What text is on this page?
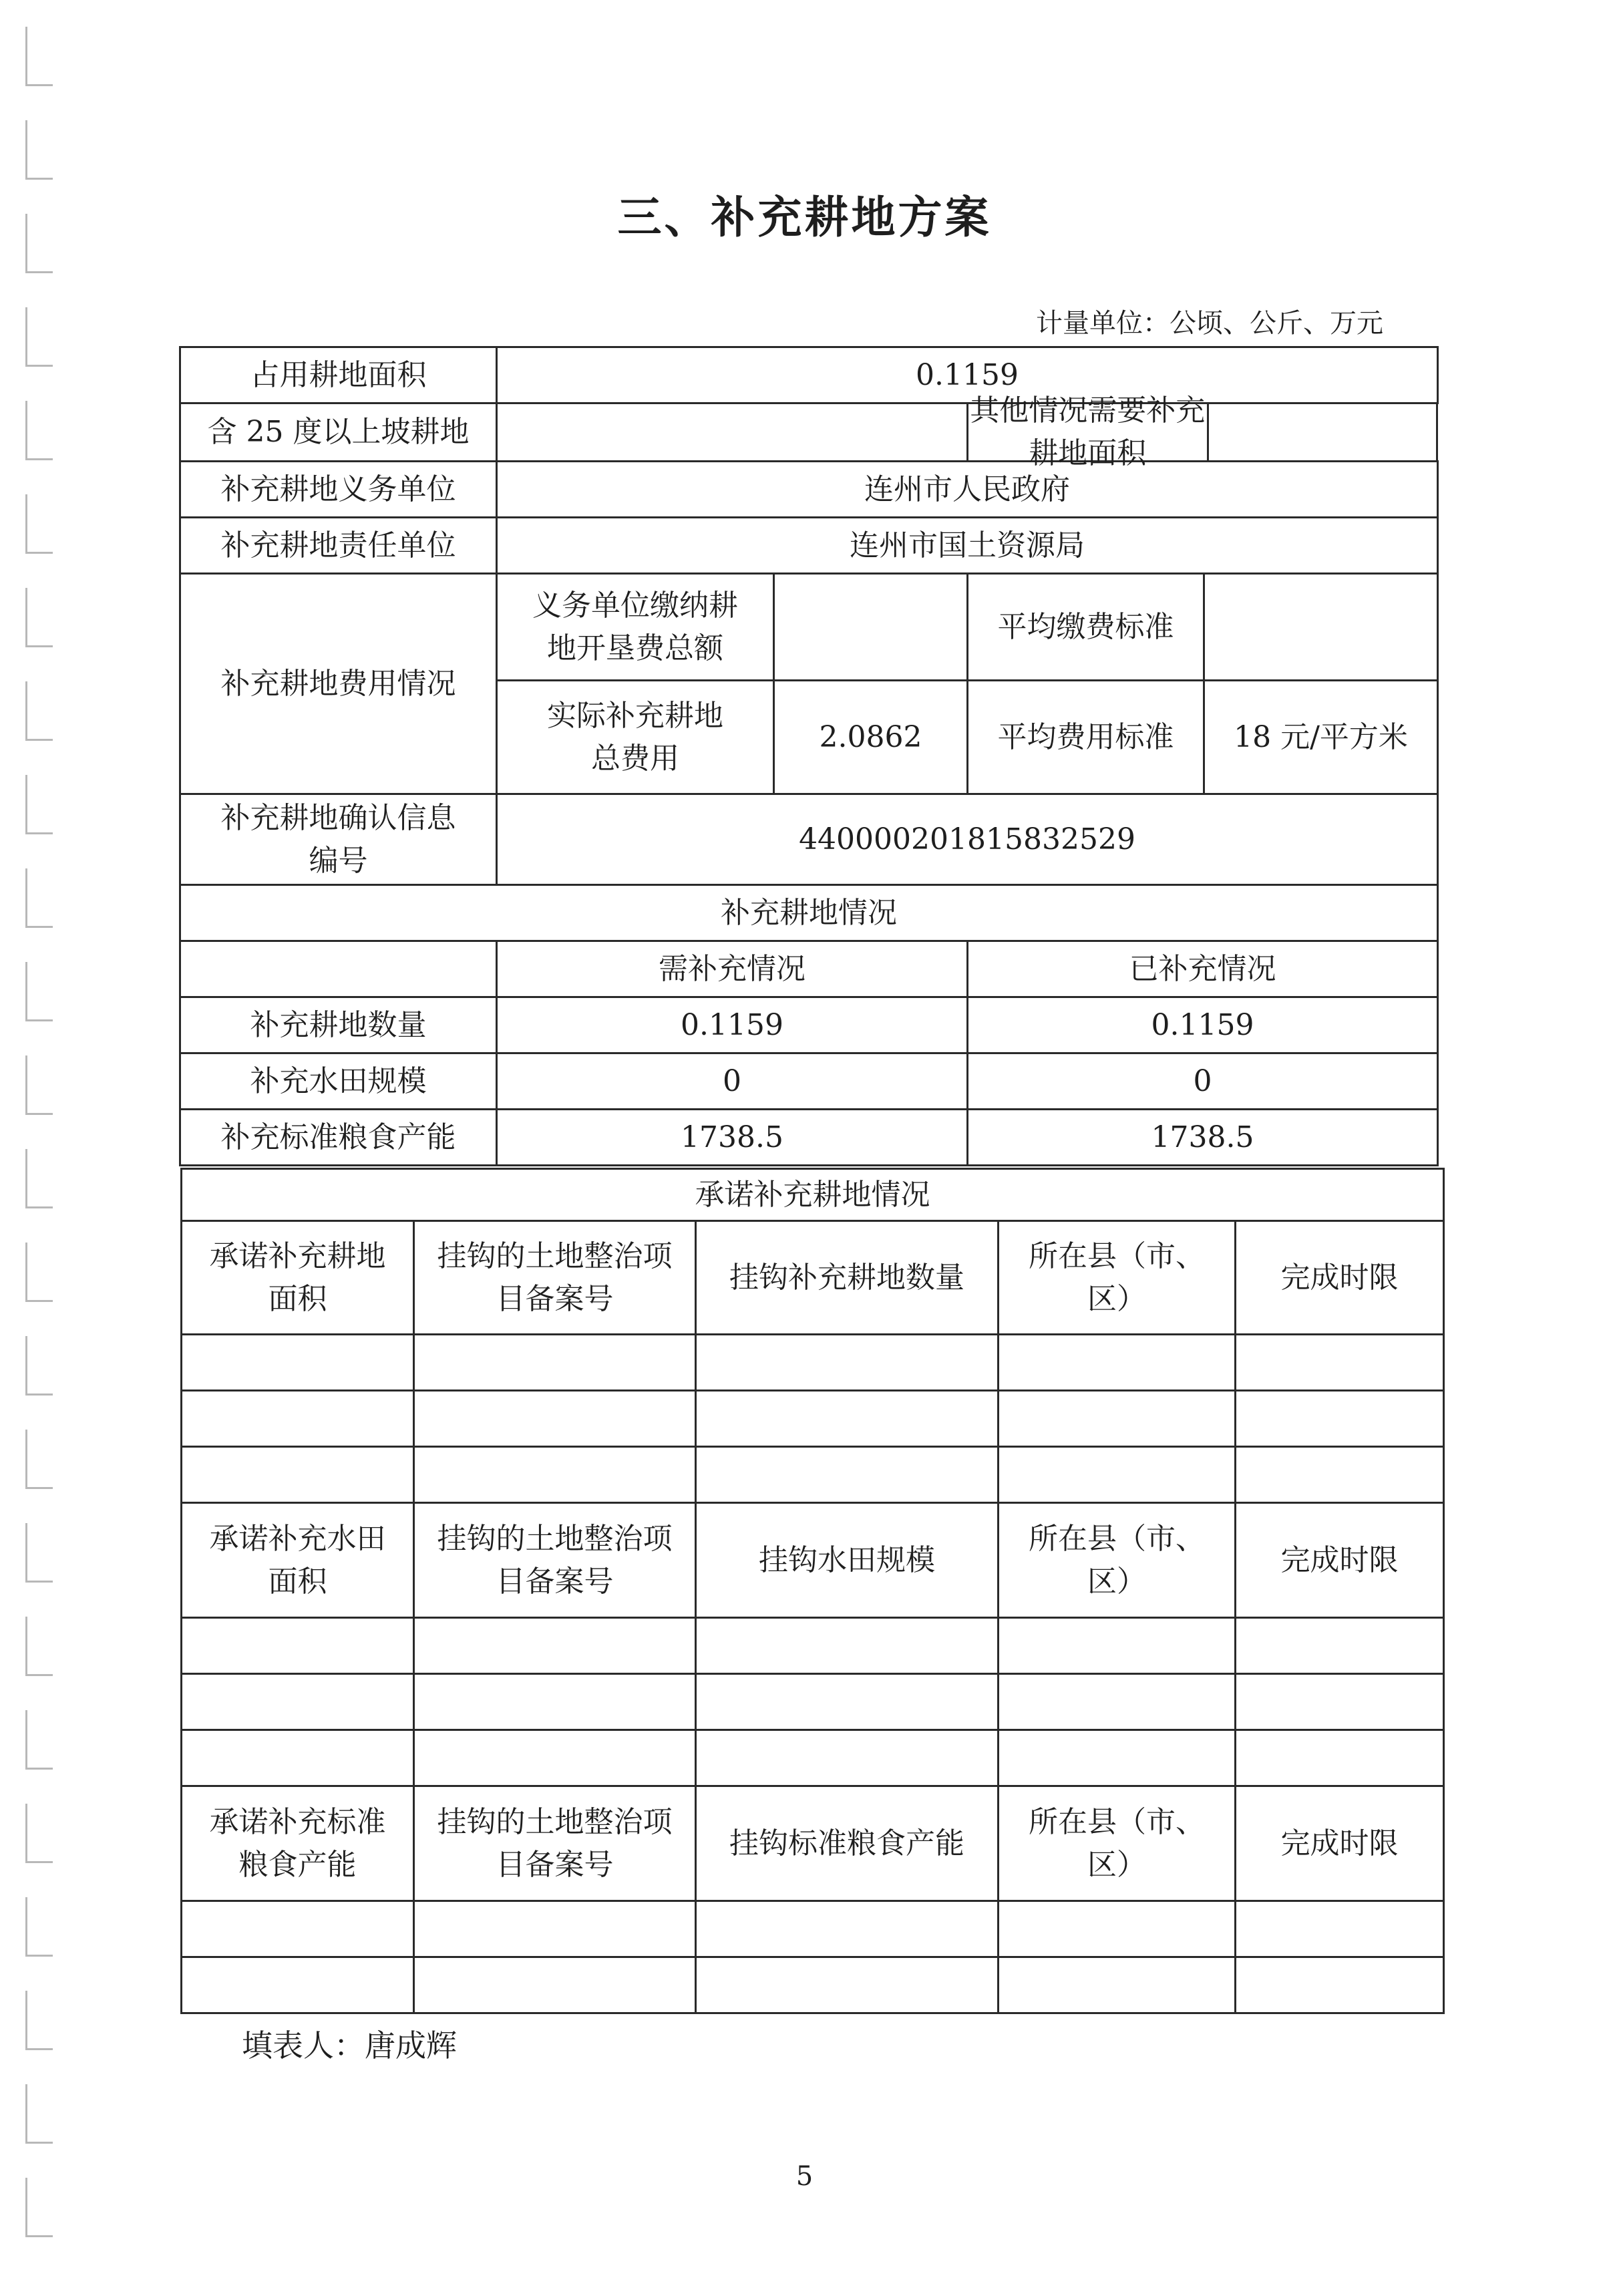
三、补充耕地方案
计量单位：公顷、公斤、万元
占用耕地面积	0.1159			
含 25 度以上坡耕地			其他情况需要补充耕地面积	

补充耕地义务单位	连州市人民政府			
补充耕地责任单位	连州市国土资源局			
补充耕地费用情况	义务单位缴纳耕地开垦费总额		平均缴费标准	
	实际补充耕地总费用	2.0862	平均费用标准	18 元/平方米
补充耕地确认信息编号	440000201815832529			
补充耕地情况				
	需补充情况		已补充情况	
补充耕地数量	0.1159		0.1159	
补充水田规模	0		0	
补充标准粮食产能	1738.5		1738.5	
承诺补充耕地情况				
承诺补充耕地面积	挂钩的土地整治项目备案号	挂钩补充耕地数量	所在县（市、区）	完成时限

承诺补充水田面积	挂钩的土地整治项目备案号	挂钩水田规模	所在县（市、区）	完成时限

承诺补充标准粮食产能	挂钩的土地整治项目备案号	挂钩标准粮食产能	所在县（市、区）	完成时限

填表人：唐成辉
5
